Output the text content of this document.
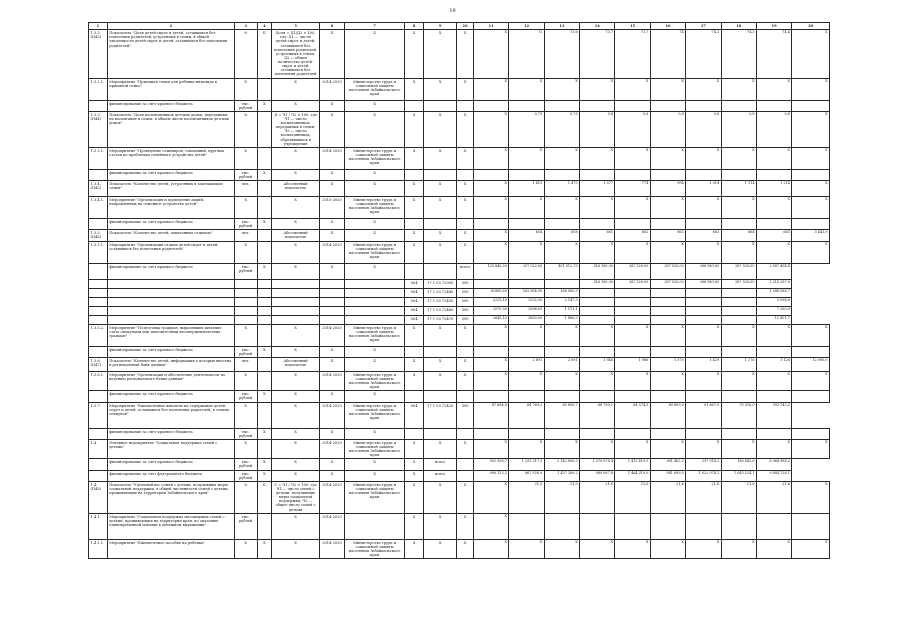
19
1	2	3	4	5	6	7	8	9	10	11	12	13	14	15	16	17	18	19	20
1.3.2. (П43)	Показатель "Доля детей-сирот и детей, оставшихся без попечения родителей, устроенных в семьи, в общей численности детей-сирот и детей, оставшихся без попечения родителей"	%	Б	Доля = Д1/Д2 × 100, где: Д1 — число детей-сирот и детей, оставшихся без попечения родителей, устроенных в семьи; Д2 — общее количество детей-сирот и детей, оставшихся без попечения родителей	X	X	X	X	X	X	73	73,6	73,7	73,7	74	74,2	74,3	74,4	X
1.3.2.1.	Мероприятие "Приемная семья для ребенка-инвалида в приемной семье"	X		X	2014-2020	Министерство труда и социальной защиты населения Забайкальского края	X	X	X	X	X	X	X	X	X	X	X	X	X
	финансирование за счет краевого бюджета	тыс. рублей	X	X	X	X													
1.3.3. (П44)	Показатель "Доля воспитанников детских домов, переданных на воспитание в семьи, в общем числе воспитанников детских домов"	%		Д = Ч1 / Ч2 × 100, где Ч1 — число воспитанников, переданных в семьи; Ч2 — число воспитанников, обратившихся в учреждения	X	X	X	X	X	X	0,75	0,75	0,8	0,8	0,8	0,8	0,8	0,8	X
1.3.3.1.	Мероприятие "Проведение семинаров, совещаний, круглых столов по проблемам семейного устройства детей"	X		X	2014-2020	Министерство труда и социальной защиты населения Забайкальского края	X	X	X	X	X	X	X	X	X	X	X	X	X
	финансирование за счет краевого бюджета	тыс. рублей	X	X	X	X													
1.3.4. (П45)	Показатель "Количество детей, устроенных в замещающие семьи"	чел.		Абсолютный показатель	X	X	X	X	X	X	1 413	1 470	1 577	774	994	1 014	1 114	1 214	X
1.3.4.1.	Мероприятие "Организация и проведение акций, направленных на семейное устройство детей"	X		X	2015-2020	Министерство труда и социальной защиты населения Забайкальского края	X	X	X	X	X	X	X	X	X	X	X	X	X
	финансирование за счет краевого бюджета	тыс. рублей	X	X	X	X													
1.3.5. (П46)	Показатель "Количество детей, охваченных отдыхом"	чел.		Абсолютный показатель	X	X	X	X	X	X	654	658	661	662	663	663	664	665	3 441,9
1.3.5.1.	Мероприятие "Организация отдыха детей-сирот и детей, оставшихся без попечения родителей"	X		X	2014-2020	Министерство труда и социальной защиты населения Забайкальского края	X	X	X	X	X	X	X	X	X	X	X	X	X
	финансирование за счет краевого бюджета	тыс. рублей	X	X	X	X			всего	125 840,20	257 022,00	401 512,70	316 180,30	287 520,00	287 520,00	286 980,00	287 520,00	2 587 494,4	
							004	17 1 03 72000	590				316 180,30	287 520,00	287 520,00	286 980,00	287 520,00	2 218 287,9	
							004	17 1 03 72440	590	82965,60	162 854,90	188 060,3						1 248 088,7	
							004	17 1 03 72450	590	2229,10	2532,30	2 147,5						5 098,8	
							004	17 1 03 72460	590	2570,90	2936,00	1 111,1						7 260,9	
							004	17 1 03 72470	590	2649,10	3650,00	1 866,5						11 801,7	
1.3.5.2.	Мероприятие "Подготовка граждан, выразивших желание стать опекунами или попечителями несовершеннолетних граждан"	X		X	2014-2020	Министерство труда и социальной защиты населения Забайкальского края	X	X	X	X	X	X	X	X	X	X	X	X	X
	финансирование за счет краевого бюджета	тыс. рублей	X	X	X	X													
1.3.6. (П47)	Показатель "Количество детей, информация о которых внесена в региональный банк данных"	чел.		Абсолютный показатель	X	X	X	X	X	X	2 691	2 691	1 946	1 966	1 570	1 429	1 276	1 126	12 090,0
1.3.6.1.	Мероприятие "Организация и обеспечение деятельности по ведению регионального банка данных"	X		X	2014-2020	Министерство труда и социальной защиты населения Забайкальского края	X	X	X	X	X	X	X	X	X	X	X	X	X
	финансирование за счет краевого бюджета	тыс. рублей	X	X	X	X													
1.3.7.	Мероприятие "Ежемесячные выплаты на содержание детей-сирот и детей, оставшихся без попечения родителей, в семьях опекунов"	X		X	2014-2020	Министерство труда и социальной защиты населения Забайкальского края	004	17 1 03 72420	590	47 684,0	64 769,2	65 890,7	68 799,1	64 574,5	85 809,0	91 867,0	75 316,0	393 743,5	
	финансирование за счет краевого бюджета	тыс. рублей	X	X	X	X													
1.4.	Основное мероприятие "Социальная поддержка семей с детьми"	X		X	2014-2020	Министерство труда и социальной защиты населения Забайкальского края	X	X	X	X	X	X	X	X	X	X	X	X	X
	финансирование за счет краевого бюджета	тыс. рублей	X	X	X	X	X	всего		902 556,7	1 291 317,3	2 142 806,3	1 370 678,4	1 413 410,5	961 462,5	237 914,2	180 842,6	6 964 988,2	
	финансирование за счет федерального бюджета	тыс. рублей	X	X	X	X	X	всего		906 123,3	867 928,9	1 437 289,2	989 087,8	1 464 210,9	981 899,5	1 022 974,1	1 043 224,1	9 844 726,1	
1.4. (П48)	Показатель "Удельный вес семей с детьми, получивших меры социальной поддержки, в общей численности семей с детьми, проживающих на территории Забайкальского края"	%	Б	С = Ч1 / Ч2 × 100, где Ч1 — число семей с детьми, получивших меры социальной поддержки; Ч2 — общее число семей с детьми	2014-2020	Министерство труда и социальной защиты населения Забайкальского края	X	X	X	X	21,3	21,5	21,6	21,6	21,6	21,6	21,6	21,6	X
1.4.1.	Мероприятие "Социальная поддержка малоимущих семей с детьми, проживающих на территории края, по оказанию единовременной помощи в денежном выражении"	тыс. рублей		X	2014-2020		X	X	X	X									
1.4.1.1.	Мероприятие "Ежемесячное пособие на ребенка"	X	X	X	2014-2020	Министерство труда и социальной защиты населения Забайкальского края	X	X	X	X	X	X	X	X	X	X	X	X	X
